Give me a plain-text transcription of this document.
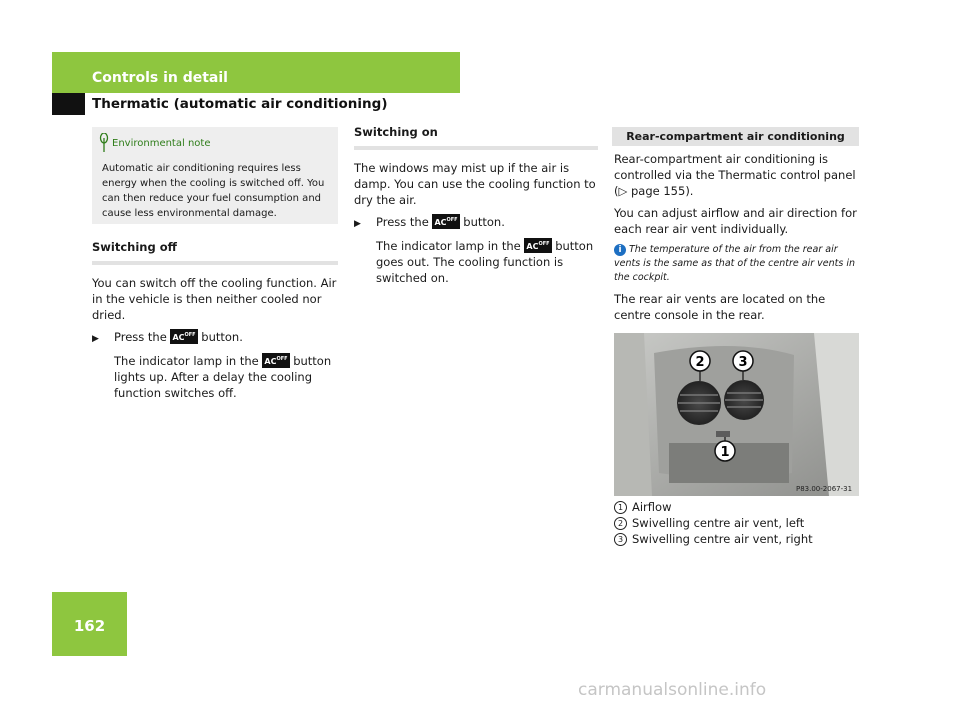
Controls in detail
Thermatic (automatic air conditioning)
Environmental note
Automatic air conditioning requires less energy when the cooling is switched off. You can then reduce your fuel consumption and cause less environmental damage.
Switching off

You can switch off the cooling function. Air in the vehicle is then neither cooled nor dried.

▶	Press the $AC^{OFF}$ button.
The indicator lamp in the $AC^{OFF}$ button lights up. After a delay the cooling function switches off.
Switching on

The windows may mist up if the air is damp. You can use the cooling function to dry the air.

▶	Press the $AC^{OFF}$ button.
The indicator lamp in the $AC^{OFF}$ button goes out. The cooling function is switched on.
Rear-compartment air conditioning

Rear-compartment air conditioning is controlled via the Thermatic control panel (▷ page 155).

You can adjust airflow and air direction for each rear air vent individually.

i The temperature of the air from the rear air vents is the same as that of the centre air vents in the cockpit.

The rear air vents are located on the centre console in the rear.

2	3
1
P83.00-2067-31
1 Airflow
2 Swivelling centre air vent, left
3 Swivelling centre air vent, right
162
carmanualsonline.info
